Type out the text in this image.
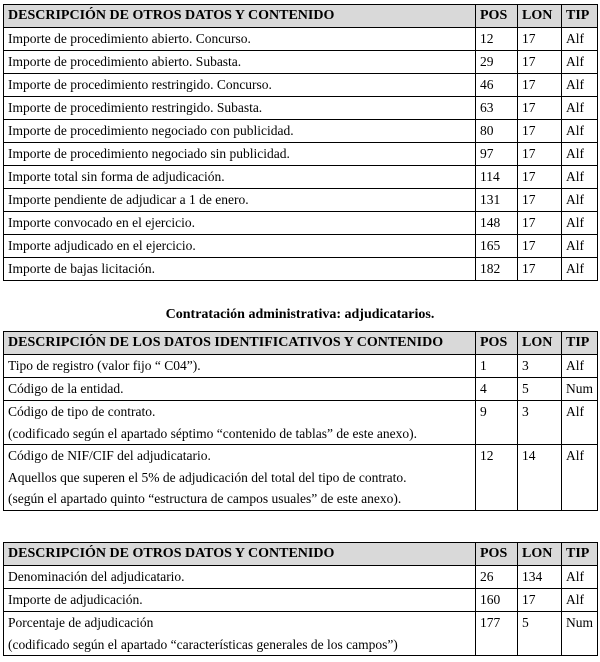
DESCRIPCIÓN DE OTROS DATOS Y CONTENIDO	POS	LON	TIP
Importe de procedimiento abierto. Concurso.	12	17	Alf
Importe de procedimiento abierto. Subasta.	29	17	Alf
Importe de procedimiento restringido. Concurso.	46	17	Alf
Importe de procedimiento restringido. Subasta.	63	17	Alf
Importe de procedimiento negociado con publicidad.	80	17	Alf
Importe de procedimiento negociado sin publicidad.	97	17	Alf
Importe total sin forma de adjudicación.	114	17	Alf
Importe pendiente de adjudicar a 1 de enero.	131	17	Alf
Importe convocado en el ejercicio.	148	17	Alf
Importe adjudicado en el ejercicio.	165	17	Alf
Importe de bajas licitación.	182	17	Alf
Contratación administrativa: adjudicatarios.
DESCRIPCIÓN DE LOS DATOS IDENTIFICATIVOS Y CONTENIDO	POS	LON	TIP

Tipo de registro (valor fijo “ C04”).	1	3	Alf

Código de la entidad.	4	5	Num

Código de tipo de contrato.
(codificado según el apartado séptimo “contenido de tablas” de este anexo).	9	3	Alf

Código de NIF/CIF del adjudicatario.
Aquellos que superen el 5% de adjudicación del total del tipo de contrato.
(según el apartado quinto “estructura de campos usuales” de este anexo).	12	14	Alf
DESCRIPCIÓN DE OTROS DATOS Y CONTENIDO	POS	LON	TIP

Denominación del adjudicatario.	26	134	Alf

Importe de adjudicación.	160	17	Alf

Porcentaje de adjudicación
(codificado según el apartado “características generales de los campos”)	177	5	Num
